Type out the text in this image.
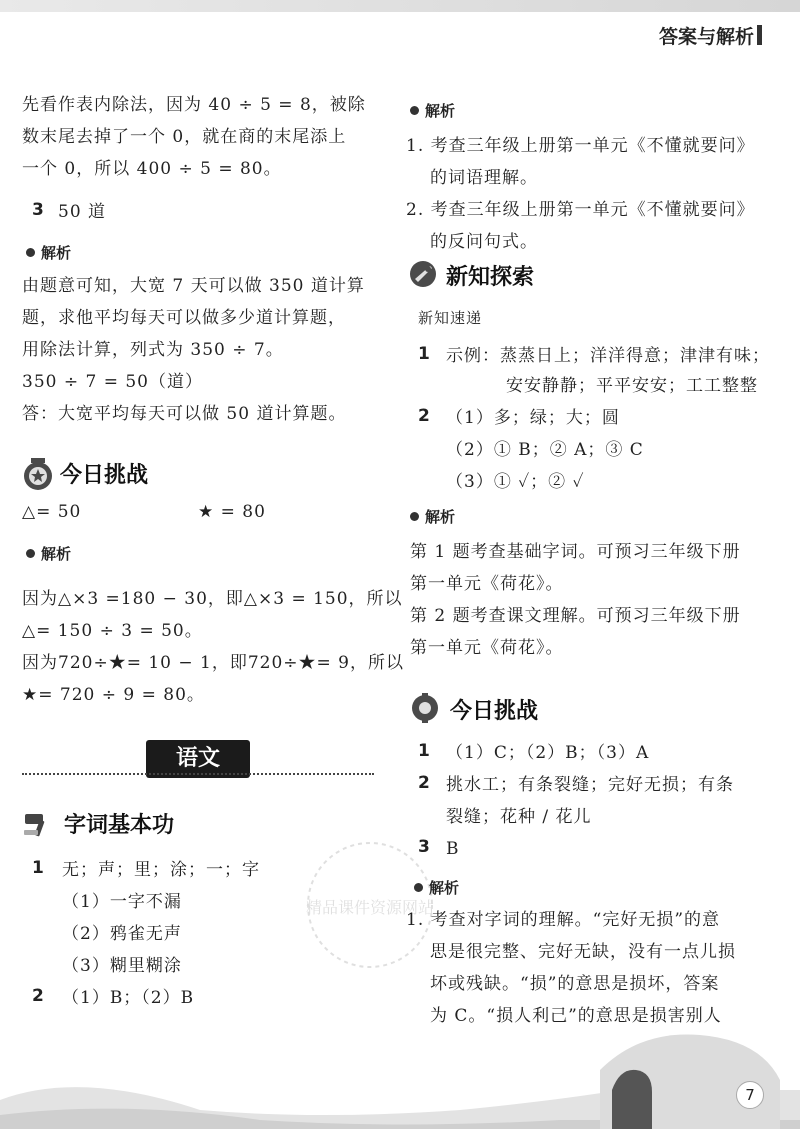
答案与解析
先看作表内除法，因为 40 ÷ 5 = 8，被除
数末尾去掉了一个 0，就在商的末尾添上
一个 0，所以 400 ÷ 5 = 80。
3 50 道
解析
由题意可知，大宽 7 天可以做 350 道计算
题，求他平均每天可以做多少道计算题，
用除法计算，列式为 350 ÷ 7。
350 ÷ 7 = 50（道）
答：大宽平均每天可以做 50 道计算题。
今日挑战
△= 50	★ = 80
解析
因为△×3 =180 − 30，即△×3 = 150，所以
△= 150 ÷ 3 = 50。
因为720÷★= 10 − 1，即720÷★= 9，所以
★= 720 ÷ 9 = 80。
语文
字词基本功
1 无；声；里；涂；一；字
（1）一字不漏
（2）鸦雀无声
（3）糊里糊涂
2 （1）B；（2）B
解析
1. 考查三年级上册第一单元《不懂就要问》
的词语理解。
2. 考查三年级上册第一单元《不懂就要问》
的反问句式。
新知探索
新知速递
1 示例：蒸蒸日上；洋洋得意；津津有味；
安安静静；平平安安；工工整整
2 （1）多；绿；大；圆
（2）① B；② A；③ C
（3）① ✓；② ✓
解析
第 1 题考查基础字词。可预习三年级下册
第一单元《荷花》。
第 2 题考查课文理解。可预习三年级下册
第一单元《荷花》。
今日挑战
1 （1）C；（2）B；（3）A
2 挑水工；有条裂缝；完好无损；有条
裂缝；花种 / 花儿
3 B
解析
1. 考查对字词的理解。“完好无损”的意
思是很完整、完好无缺，没有一点儿损
坏或残缺。“损”的意思是损坏，答案
为 C。“损人利己”的意思是损害别人
精品课件资源网站
7
